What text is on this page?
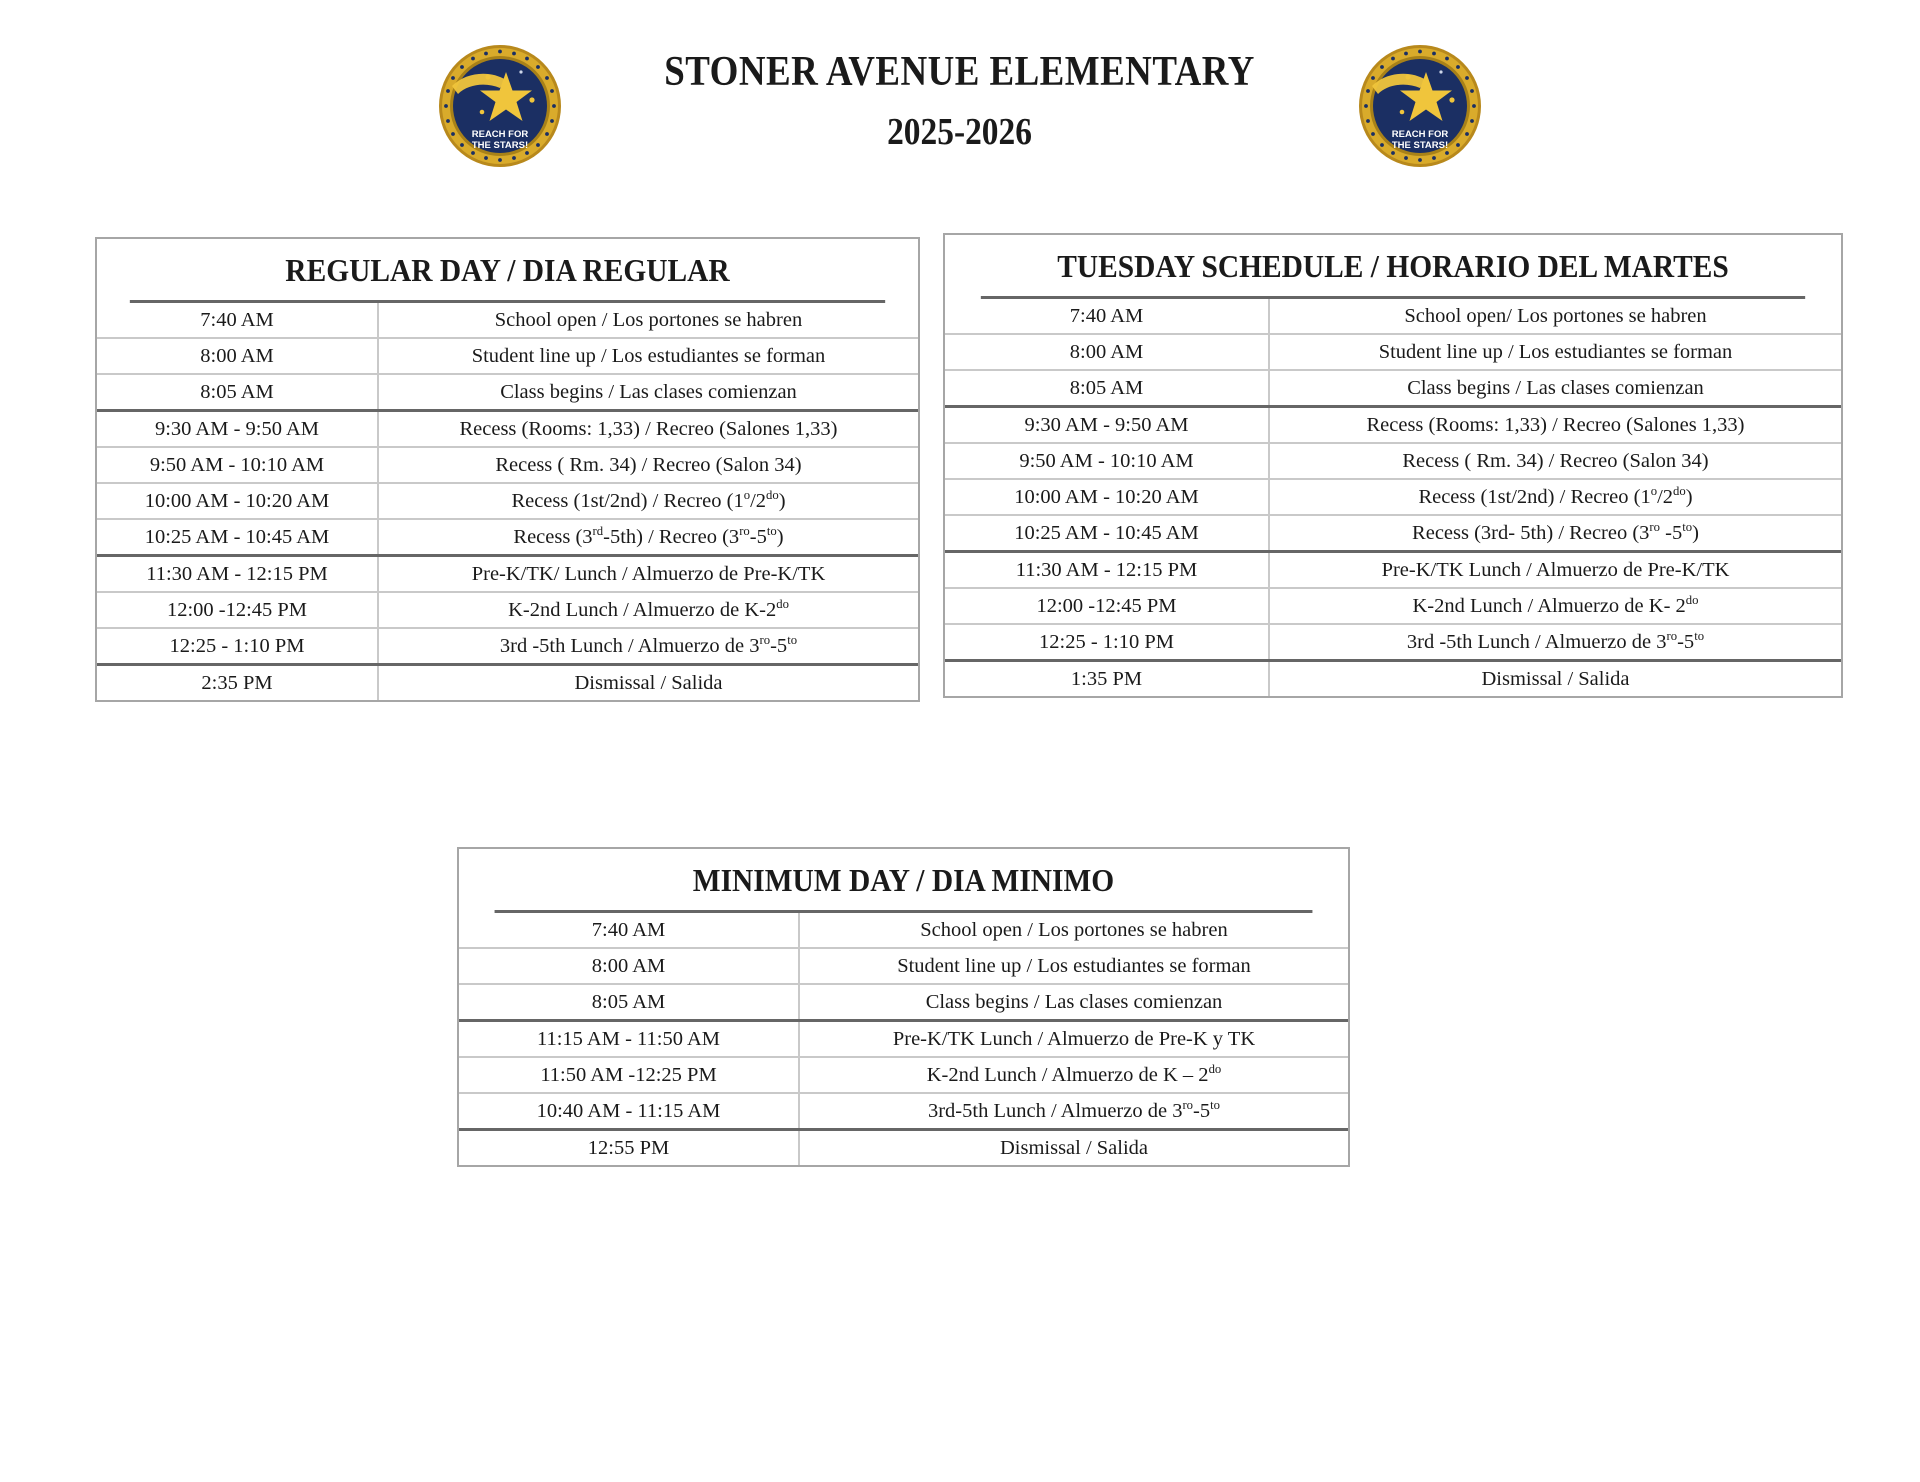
REACH FOR
THE STARS!
STONER AVENUE ELEMENTARY
2025-2026	REACH FOR
THE STARS!
REGULAR DAY / DIA REGULAR
7:40 AM	School open / Los portones se habren
8:00 AM	Student line up / Los estudiantes se forman
8:05 AM	Class begins / Las clases comienzan
9:30 AM - 9:50 AM	Recess (Rooms: 1,33) / Recreo (Salones 1,33)
9:50 AM - 10:10 AM	Recess ( Rm. 34) / Recreo (Salon 34)
10:00 AM - 10:20 AM	Recess (1st/2nd) / Recreo $(1^o/2^{do})$
10:25 AM - 10:45 AM	Recess (3rd-5th) / Recreo $(3^{ro}-5^{to})$
11:30 AM - 12:15 PM	Pre-K/TK/ Lunch / Almuerzo de Pre-K/TK
12:00 -12:45 PM	K-2nd Lunch / Almuerzo de $K-2^{do}$
12:25 - 1:10 PM	3rd -5th Lunch / Almuerzo de $3^{ro}-5^{to}$
2:35 PM	Dismissal / Salida
TUESDAY SCHEDULE / HORARIO DEL MARTES
7:40 AM	School open/ Los portones se habren
8:00 AM	Student line up / Los estudiantes se forman
8:05 AM	Class begins / Las clases comienzan
9:30 AM - 9:50 AM	Recess (Rooms: 1,33) / Recreo (Salones 1,33)
9:50 AM - 10:10 AM	Recess ( Rm. 34) / Recreo (Salon 34)
10:00 AM - 10:20 AM	Recess (1st/2nd) / Recreo $(1^o/2^{do})$
10:25 AM - 10:45 AM	Recess (3rd- 5th) / Recreo ($3^{ro}$ $-5^{to}$)
11:30 AM - 12:15 PM	Pre-K/TK Lunch / Almuerzo de Pre-K/TK
12:00 -12:45 PM	K-2nd Lunch / Almuerzo de K- $2^{do}$
12:25 - 1:10 PM	3rd -5th Lunch / Almuerzo de $3^{ro}-5^{to}$
1:35 PM	Dismissal / Salida
MINIMUM DAY / DIA MINIMO
7:40 AM	School open / Los portones se habren
8:00 AM	Student line up / Los estudiantes se forman
8:05 AM	Class begins / Las clases comienzan
11:15 AM - 11:50 AM	Pre-K/TK Lunch / Almuerzo de Pre-K y TK
11:50 AM -12:25 PM	K-2nd Lunch / Almuerzo de K – $2^{do}$
10:40 AM - 11:15 AM	3rd-5th Lunch / Almuerzo de $3^{ro}-5^{to}$
12:55 PM	Dismissal / Salida
